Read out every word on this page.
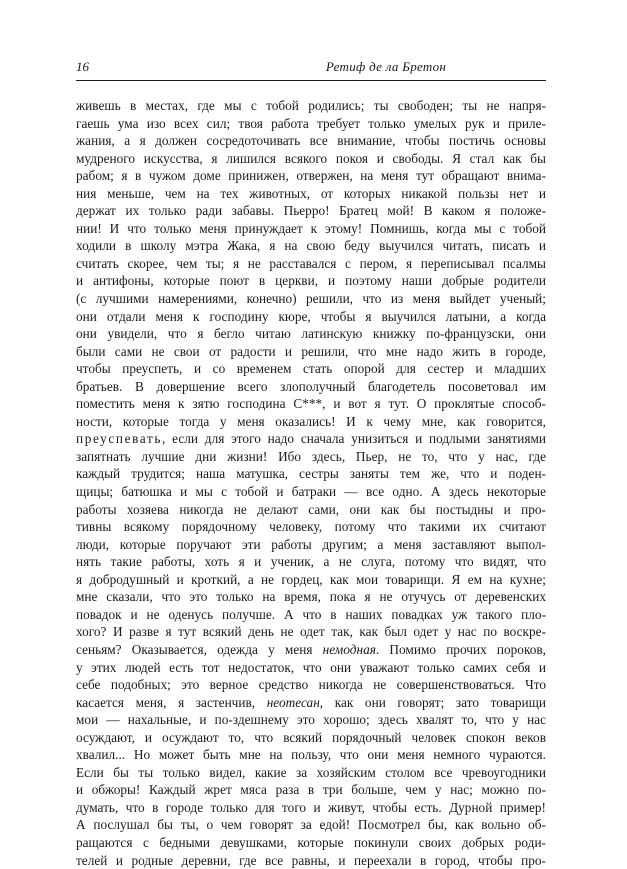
16	Ретиф де ла Бретон
живешь в местах, где мы с тобой родились; ты свободен; ты не напря-
гаешь ума изо всех сил; твоя работа требует только умелых рук и приле-
жания, а я должен сосредоточивать все внимание, чтобы постичь основы
мудреного искусства, я лишился всякого покоя и свободы. Я стал как бы
рабом; я в чужом доме принижен, отвержен, на меня тут обращают внима-
ния меньше, чем на тех животных, от которых никакой пользы нет и
держат их только ради забавы. Пьерро! Братец мой! В каком я положе-
нии! И что только меня принуждает к этому! Помнишь, когда мы с тобой
ходили в школу мэтра Жака, я на свою беду выучился читать, писать и
считать скорее, чем ты; я не расставался с пером, я переписывал псалмы
и антифоны, которые поют в церкви, и поэтому наши добрые родители
(с лучшими намерениями, конечно) решили, что из меня выйдет ученый;
они отдали меня к господину кюре, чтобы я выучился латыни, а когда
они увидели, что я бегло читаю латинскую книжку по-французски, они
были сами не свои от радости и решили, что мне надо жить в городе,
чтобы преуспеть, и со временем стать опорой для сестер и младших
братьев. В довершение всего злополучный благодетель посоветовал им
поместить меня к зятю господина С***, и вот я тут. О проклятые способ-
ности, которые тогда у меня оказались! И к чему мне, как говорится,
преуспевать, если для этого надо сначала унизиться и подлыми занятиями
запятнать лучшие дни жизни! Ибо здесь, Пьер, не то, что у нас, где
каждый трудится; наша матушка, сестры заняты тем же, что и поден-
щицы; батюшка и мы с тобой и батраки — все одно. А здесь некоторые
работы хозяева никогда не делают сами, они как бы постыдны и про-
тивны всякому порядочному человеку, потому что такими их считают
люди, которые поручают эти работы другим; а меня заставляют выпол-
нять такие работы, хоть я и ученик, а не слуга, потому что видят, что
я добродушный и кроткий, а не гордец, как мои товарищи. Я ем на кухне;
мне сказали, что это только на время, пока я не отучусь от деревенских
повадок и не оденусь получше. А что в наших повадках уж такого пло-
хого? И разве я тут всякий день не одет так, как был одет у нас по воскре-
сеньям? Оказывается, одежда у меня немодная. Помимо прочих пороков,
у этих людей есть тот недостаток, что они уважают только самих себя и
себе подобных; это верное средство никогда не совершенствоваться. Что
касается меня, я застенчив, неотесан, как они говорят; зато товарищи
мои — нахальные, и по-здешнему это хорошо; здесь хвалят то, что у нас
осуждают, и осуждают то, что всякий порядочный человек спокон веков
хвалил... Но может быть мне на пользу, что они меня немного чураются.
Если бы ты только видел, какие за хозяйским столом все чревоугодники
и обжоры! Каждый жрет мяса раза в три больше, чем у нас; можно по-
думать, что в городе только для того и живут, чтобы есть. Дурной пример!
А послушал бы ты, о чем говорят за едой! Посмотрел бы, как вольно об-
ращаются с бедными девушками, которые покинули своих добрых роди-
телей и родные деревни, где все равны, и переехали в город, чтобы про-
